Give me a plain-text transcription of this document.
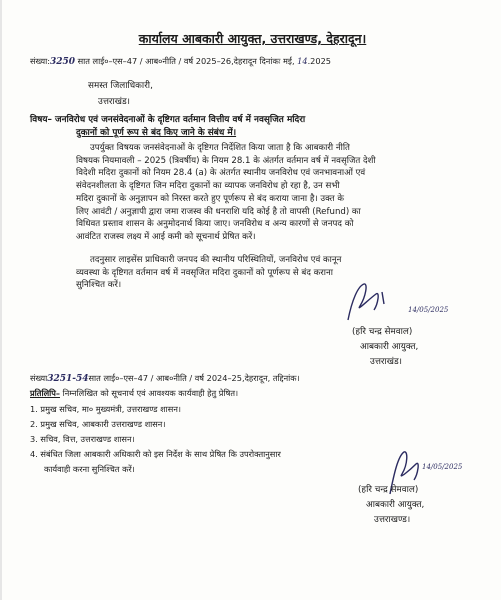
कार्यालय आबकारी आयुक्त, उत्तराखण्ड, देहरादून।

संख्या:3250 सात लाई०–एस–47 / आब०नीति / वर्ष 2025–26,देहरादून दिनांकः मई, 14.2025

समस्त जिलाधिकारी,

उत्तराखंड।

विषय– जनविरोध एवं जनसंवेदनाओं के दृष्टिगत वर्तमान वित्तीय वर्ष में नवसृजित मदिरा

दुकानों को पूर्ण रूप से बंद किए जाने के संबंध में।

उपर्युक्त विषयक जनसंवेदनाओं के दृष्टिगत निर्देशित किया जाता है कि आबकारी नीति
विषयक नियमावली – 2025 (त्रिवर्षीय) के नियम 28.1 के अंतर्गत वर्तमान वर्ष में नवसृजित देशी
विदेशी मदिरा दुकानों को नियम 28.4 (a) के अंतर्गत स्थानीय जनविरोध एवं जनभावनाओं एवं
संवेदनशीलता के दृष्टिगत जिन मदिरा दुकानों का व्यापक जनविरोध हो रहा है, उन सभी
मदिरा दुकानों के अनुज्ञापन को निरस्त करते हुए पूर्णरूप से बंद कराया जाना है। उक्त के
लिए आवंटी / अनुज्ञापी द्वारा जमा राजस्व की धनराशि यदि कोई है तो वापसी (Refund) का
विधिवत प्रस्ताव शासन के अनुमोदनार्थ किया जाए। जनविरोध व अन्य कारणों से जनपद को
आवंटित राजस्व लक्ष्य में आई कमी को सूचनार्थ प्रेषित करें।
तदनुसार लाइसेंस प्राधिकारी जनपद की स्थानीय परिस्थितियों, जनविरोध एवं कानून
व्यवस्था के दृष्टिगत वर्तमान वर्ष में नवसृजित मदिरा दुकानों को पूर्णरूप से बंद कराना
सुनिश्चित करें।
14/05/2025

(हरि चन्द्र सेमवाल)

आबकारी आयुक्त,

उत्तराखंड।

संख्या3251-54सात लाई०–एस–47 / आब०नीति / वर्ष 2024–25,देहरादून, तद्दिनांक।
प्रतिलिपि– निम्नलिखित को सूचनार्थ एवं आवश्यक कार्यवाही हेतु प्रेषित।
1. प्रमुख सचिव, मा० मुख्यमंत्री, उत्तराखण्ड शासन।
2. प्रमुख सचिव, आबकारी उत्तराखण्ड शासन।
3. सचिव, वित्त, उत्तराखण्ड शासन।
4. संबंधित जिला आबकारी अधिकारी को इस निर्देश के साथ प्रेषित कि उपरोक्तानुसार
कार्यवाही करना सुनिश्चित करें।	14/05/2025

(हरि चन्द्र सेमवाल)

आबकारी आयुक्त,

उत्तराखण्ड।
